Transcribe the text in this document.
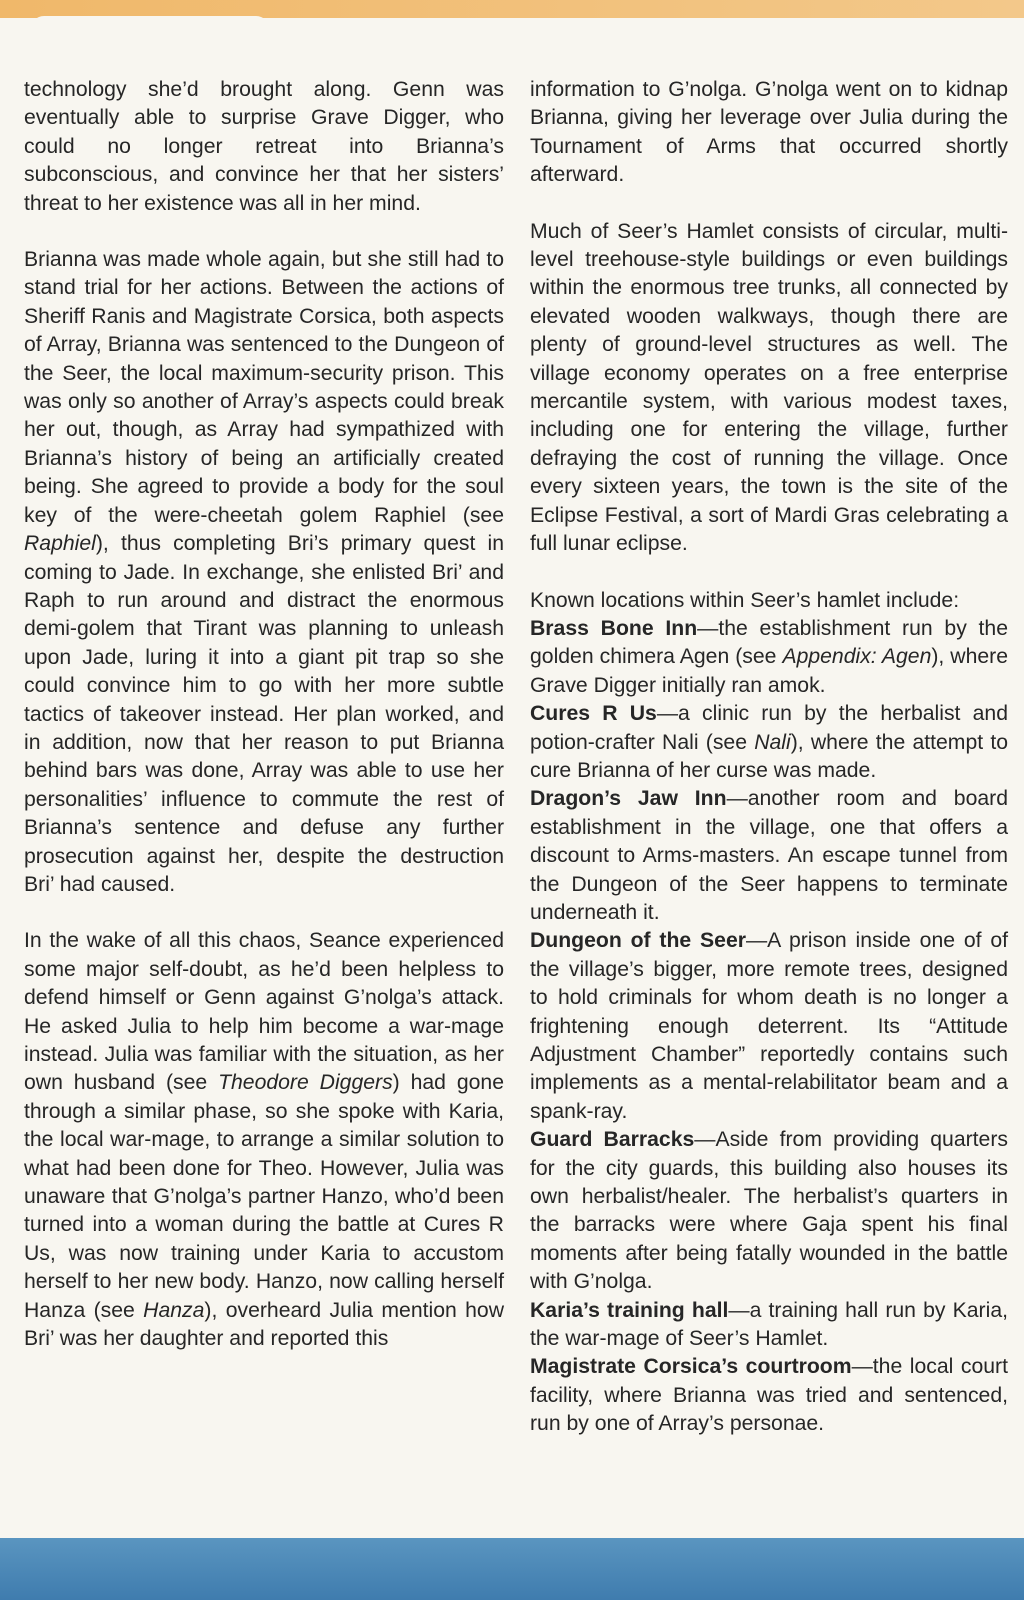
technology she’d brought along. Genn was eventually able to surprise Grave Digger, who could no longer retreat into Brianna’s subconscious, and convince her that her sisters’ threat to her existence was all in her mind.

Brianna was made whole again, but she still had to stand trial for her actions. Between the actions of Sheriff Ranis and Magistrate Corsica, both aspects of Array, Brianna was sentenced to the Dungeon of the Seer, the local maximum-security prison. This was only so another of Array’s aspects could break her out, though, as Array had sympathized with Brianna’s history of being an artificially created being. She agreed to provide a body for the soul key of the were-cheetah golem Raphiel (see Raphiel), thus completing Bri’s primary quest in coming to Jade. In exchange, she enlisted Bri’ and Raph to run around and distract the enormous demi-golem that Tirant was planning to unleash upon Jade, luring it into a giant pit trap so she could convince him to go with her more subtle tactics of takeover instead. Her plan worked, and in addition, now that her reason to put Brianna behind bars was done, Array was able to use her personalities’ influence to commute the rest of Brianna’s sentence and defuse any further prosecution against her, despite the destruction Bri’ had caused.

In the wake of all this chaos, Seance experienced some major self-doubt, as he’d been helpless to defend himself or Genn against G’nolga’s attack. He asked Julia to help him become a war-mage instead. Julia was familiar with the situation, as her own husband (see Theodore Diggers) had gone through a similar phase, so she spoke with Karia, the local war-mage, to arrange a similar solution to what had been done for Theo. However, Julia was unaware that G’nolga’s partner Hanzo, who’d been turned into a woman during the battle at Cures R Us, was now training under Karia to accustom herself to her new body. Hanzo, now calling herself Hanza (see Hanza), overheard Julia mention how Bri’ was her daughter and reported this

information to G’nolga. G’nolga went on to kidnap Brianna, giving her leverage over Julia during the Tournament of Arms that occurred shortly afterward.

Much of Seer’s Hamlet consists of circular, multi-level treehouse-style buildings or even buildings within the enormous tree trunks, all connected by elevated wooden walkways, though there are plenty of ground-level structures as well. The village economy operates on a free enterprise mercantile system, with various modest taxes, including one for entering the village, further defraying the cost of running the village. Once every sixteen years, the town is the site of the Eclipse Festival, a sort of Mardi Gras celebrating a full lunar eclipse.

Known locations within Seer’s hamlet include:

Brass Bone Inn—the establishment run by the golden chimera Agen (see Appendix: Agen), where Grave Digger initially ran amok.

Cures R Us—a clinic run by the herbalist and potion-crafter Nali (see Nali), where the attempt to cure Brianna of her curse was made.

Dragon’s Jaw Inn—another room and board establishment in the village, one that offers a discount to Arms-masters. An escape tunnel from the Dungeon of the Seer happens to terminate underneath it.

Dungeon of the Seer—A prison inside one of of the village’s bigger, more remote trees, designed to hold criminals for whom death is no longer a frightening enough deterrent. Its “Attitude Adjustment Chamber” reportedly contains such implements as a mental-relabilitator beam and a spank-ray.

Guard Barracks—Aside from providing quarters for the city guards, this building also houses its own herbalist/healer. The herbalist’s quarters in the barracks were where Gaja spent his final moments after being fatally wounded in the battle with G’nolga.

Karia’s training hall—a training hall run by Karia, the war-mage of Seer’s Hamlet.

Magistrate Corsica’s courtroom—the local court facility, where Brianna was tried and sentenced, run by one of Array’s personae.
